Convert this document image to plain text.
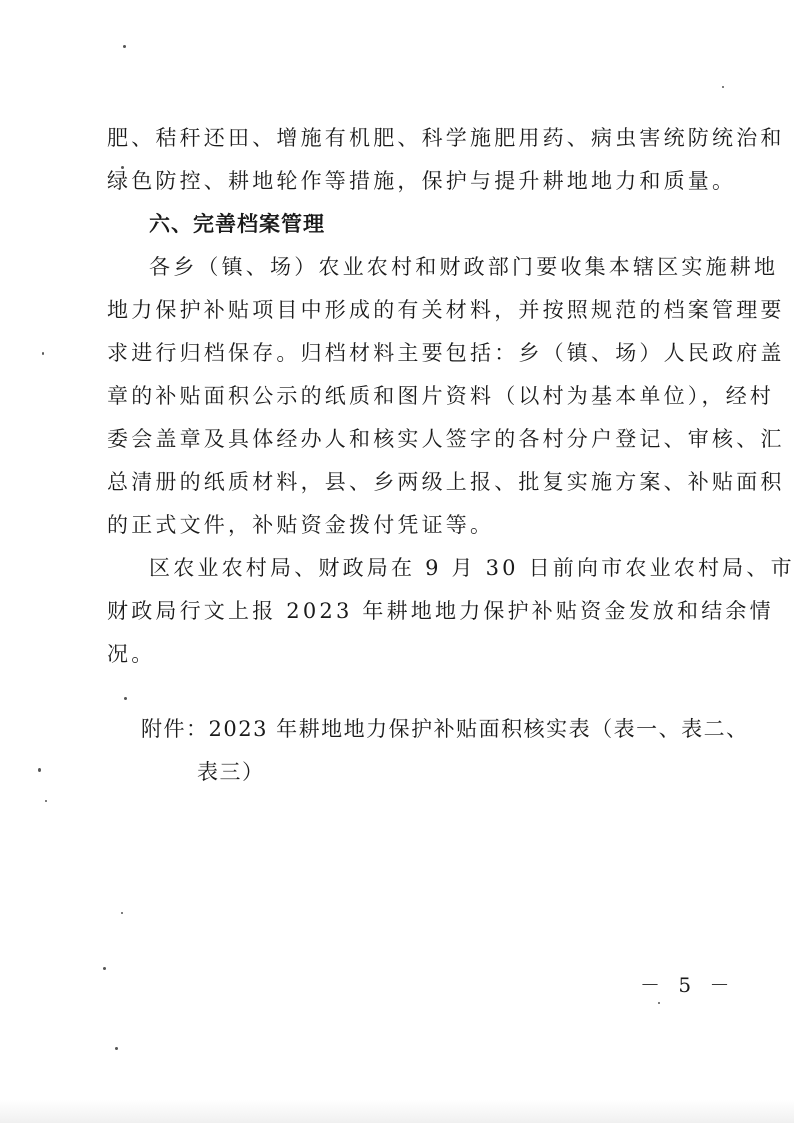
肥、秸秆还田、增施有机肥、科学施肥用药、病虫害统防统治和
绿色防控、耕地轮作等措施，保护与提升耕地地力和质量。
六、完善档案管理
各乡（镇、场）农业农村和财政部门要收集本辖区实施耕地
地力保护补贴项目中形成的有关材料，并按照规范的档案管理要
求进行归档保存。归档材料主要包括：乡（镇、场）人民政府盖
章的补贴面积公示的纸质和图片资料（以村为基本单位），经村
委会盖章及具体经办人和核实人签字的各村分户登记、审核、汇
总清册的纸质材料，县、乡两级上报、批复实施方案、补贴面积
的正式文件，补贴资金拨付凭证等。
区农业农村局、财政局在 9 月 30 日前向市农业农村局、市
财政局行文上报 2023 年耕地地力保护补贴资金发放和结余情
况。
附件：2023 年耕地地力保护补贴面积核实表（表一、表二、
表三）
－ 5 －
